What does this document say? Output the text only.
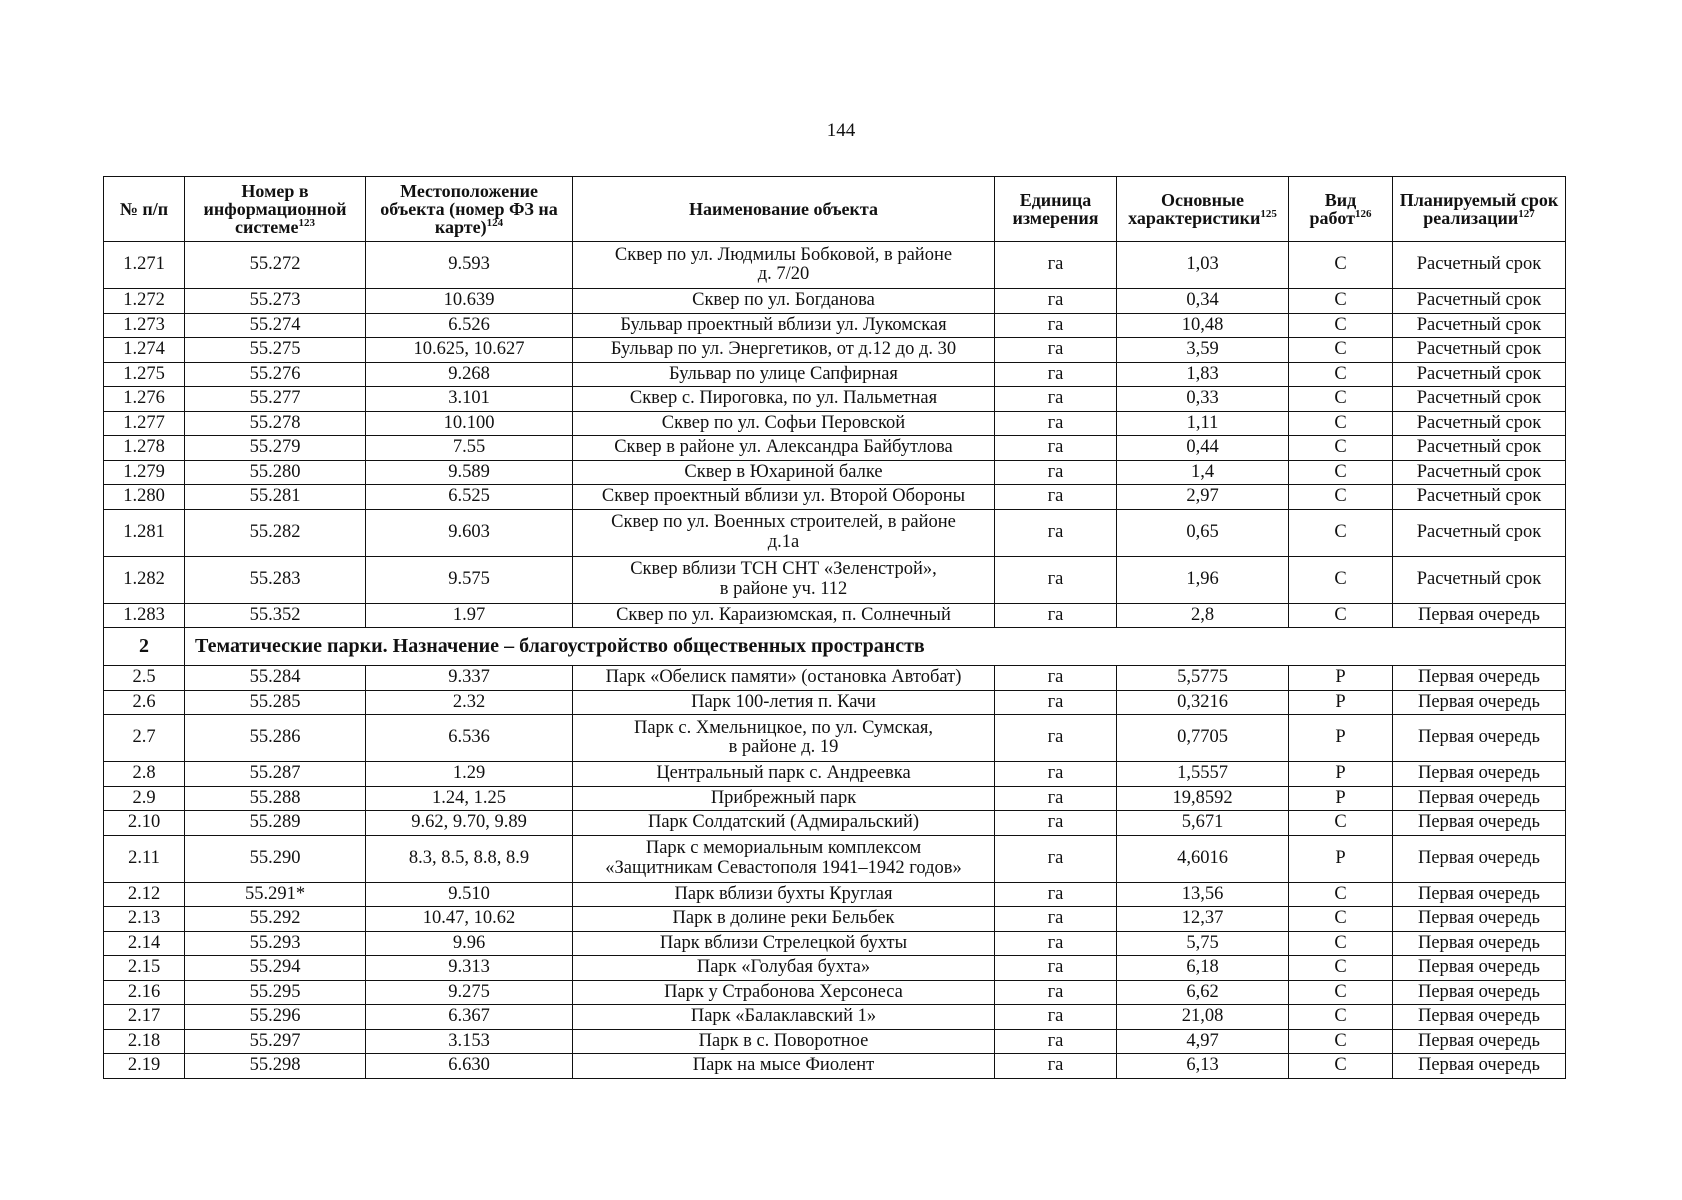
144
№ п/п	Номер в информационной системе$^{123}$	Местоположение объекта (номер ФЗ на карте)$^{124}$	Наименование объекта	Единица измерения	Основные характеристики$^{125}$	Вид работ$^{126}$	Планируемый срок реализации$^{127}$
1.271	55.272	9.593	Сквер по ул. Людмилы Бобковой, в районе
д. 7/20	га	1,03	С	Расчетный срок
1.272	55.273	10.639	Сквер по ул. Богданова	га	0,34	С	Расчетный срок
1.273	55.274	6.526	Бульвар проектный вблизи ул. Лукомская	га	10,48	С	Расчетный срок
1.274	55.275	10.625, 10.627	Бульвар по ул. Энергетиков, от д.12 до д. 30	га	3,59	С	Расчетный срок
1.275	55.276	9.268	Бульвар по улице Сапфирная	га	1,83	С	Расчетный срок
1.276	55.277	3.101	Сквер с. Пироговка, по ул. Пальметная	га	0,33	С	Расчетный срок
1.277	55.278	10.100	Сквер по ул. Софьи Перовской	га	1,11	С	Расчетный срок
1.278	55.279	7.55	Сквер в районе ул. Александра Байбутлова	га	0,44	С	Расчетный срок
1.279	55.280	9.589	Сквер в Юхариной балке	га	1,4	С	Расчетный срок
1.280	55.281	6.525	Сквер проектный вблизи ул. Второй Обороны	га	2,97	С	Расчетный срок
1.281	55.282	9.603	Сквер по ул. Военных строителей, в районе
д.1а	га	0,65	С	Расчетный срок
1.282	55.283	9.575	Сквер вблизи ТСН СНТ «Зеленстрой»,
в районе уч. 112	га	1,96	С	Расчетный срок
1.283	55.352	1.97	Сквер по ул. Караизюмская, п. Солнечный	га	2,8	С	Первая очередь
2	Тематические парки. Назначение – благоустройство общественных пространств						
2.5	55.284	9.337	Парк «Обелиск памяти» (остановка Автобат)	га	5,5775	Р	Первая очередь
2.6	55.285	2.32	Парк 100-летия п. Качи	га	0,3216	Р	Первая очередь
2.7	55.286	6.536	Парк с. Хмельницкое, по ул. Сумская,
в районе д. 19	га	0,7705	Р	Первая очередь
2.8	55.287	1.29	Центральный парк с. Андреевка	га	1,5557	Р	Первая очередь
2.9	55.288	1.24, 1.25	Прибрежный парк	га	19,8592	Р	Первая очередь
2.10	55.289	9.62, 9.70, 9.89	Парк Солдатский (Адмиральский)	га	5,671	С	Первая очередь
2.11	55.290	8.3, 8.5, 8.8, 8.9	Парк с мемориальным комплексом
«Защитникам Севастополя 1941–1942 годов»	га	4,6016	Р	Первая очередь
2.12	55.291*	9.510	Парк вблизи бухты Круглая	га	13,56	С	Первая очередь
2.13	55.292	10.47, 10.62	Парк в долине реки Бельбек	га	12,37	С	Первая очередь
2.14	55.293	9.96	Парк вблизи Стрелецкой бухты	га	5,75	С	Первая очередь
2.15	55.294	9.313	Парк «Голубая бухта»	га	6,18	С	Первая очередь
2.16	55.295	9.275	Парк у Страбонова Херсонеса	га	6,62	С	Первая очередь
2.17	55.296	6.367	Парк «Балаклавский 1»	га	21,08	С	Первая очередь
2.18	55.297	3.153	Парк в с. Поворотное	га	4,97	С	Первая очередь
2.19	55.298	6.630	Парк на мысе Фиолент	га	6,13	С	Первая очередь
